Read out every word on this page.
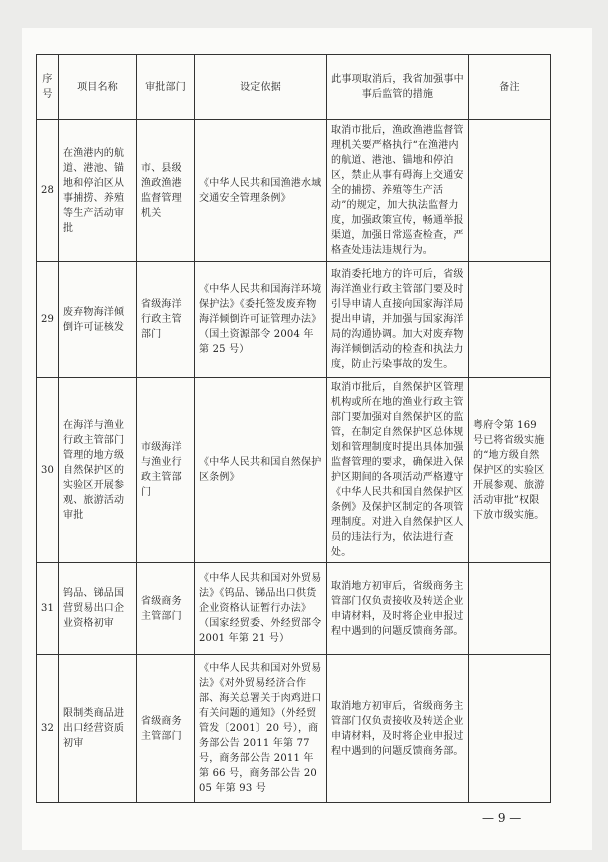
序号	项目名称	审批部门	设定依据	此事项取消后，我省加强事中事后监管的措施	备注
28	在渔港内的航道、港池、锚地和停泊区从事捕捞、养殖等生产活动审批	市、县级渔政渔港监督管理机关	《中华人民共和国渔港水域交通安全管理条例》	取消市批后，渔政渔港监督管理机关要严格执行“在渔港内的航道、港池、锚地和停泊区，禁止从事有碍海上交通安全的捕捞、养殖等生产活动”的规定，加大执法监督力度，加强政策宣传，畅通举报渠道，加强日常巡查检查，严格查处违法违规行为。	
29	废弃物海洋倾倒许可证核发	省级海洋行政主管部门	《中华人民共和国海洋环境保护法》《委托签发废弃物海洋倾倒许可证管理办法》（国土资源部令 2004 年第 25 号）	取消委托地方的许可后，省级海洋渔业行政主管部门要及时引导申请人直接向国家海洋局提出申请，并加强与国家海洋局的沟通协调。加大对废弃物海洋倾倒活动的检查和执法力度，防止污染事故的发生。	
30	在海洋与渔业行政主管部门管理的地方级自然保护区的实验区开展参观、旅游活动审批	市级海洋与渔业行政主管部门	《中华人民共和国自然保护区条例》	取消市批后，自然保护区管理机构或所在地的渔业行政主管部门要加强对自然保护区的监管，在制定自然保护区总体规划和管理制度时提出具体加强监督管理的要求，确保进入保护区期间的各项活动严格遵守《中华人民共和国自然保护区条例》及保护区制定的各项管理制度。对进入自然保护区人员的违法行为，依法进行查处。	粤府令第 169 号已将省级实施的“地方级自然保护区的实验区开展参观、旅游活动审批”权限下放市级实施。
31	钨品、锑品国营贸易出口企业资格初审	省级商务主管部门	《中华人民共和国对外贸易法》《钨品、锑品出口供货企业资格认证暂行办法》（国家经贸委、外经贸部令 2001 年第 21 号）	取消地方初审后，省级商务主管部门仅负责接收及转送企业申请材料，及时将企业申报过程中遇到的问题反馈商务部。	
32	限制类商品进出口经营资质初审	省级商务主管部门	《中华人民共和国对外贸易法》《对外贸易经济合作部、海关总署关于肉鸡进口有关问题的通知》（外经贸管发〔2001〕20 号），商务部公告 2011 年第 77 号，商务部公告 2011 年第 66 号，商务部公告 2005 年第 93 号	取消地方初审后，省级商务主管部门仅负责接收及转送企业申请材料，及时将企业申报过程中遇到的问题反馈商务部。	
— 9 —
